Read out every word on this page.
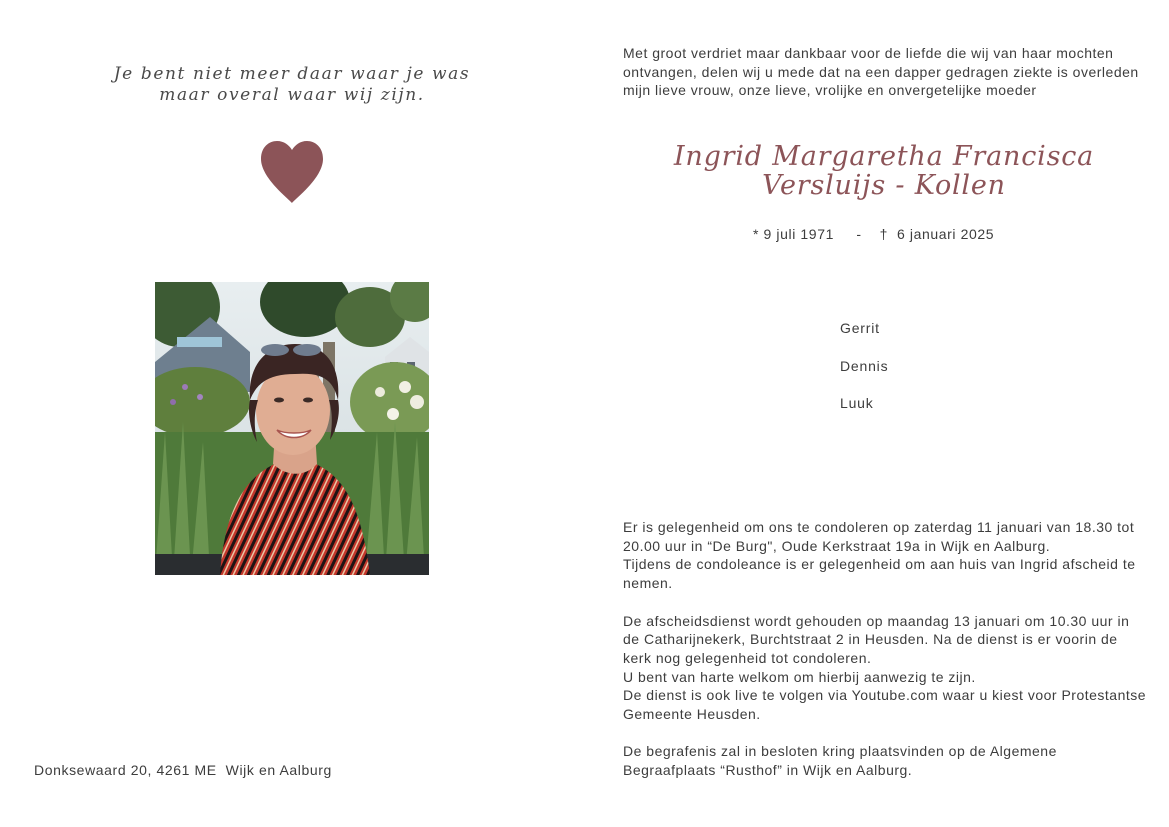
Je bent niet meer daar waar je was
maar overal waar wij zijn.
Donksewaard 20, 4261 ME  Wijk en Aalburg
Met groot verdriet maar dankbaar voor de liefde die wij van haar mochten ontvangen, delen wij u mede dat na een dapper gedragen ziekte is overleden mijn lieve vrouw, onze lieve, vrolijke en onvergetelijke moeder
Ingrid Margaretha Francisca
Versluijs - Kollen
* 9 juli 1971     -    †  6 januari 2025
Gerrit
Dennis
Luuk

Er is gelegenheid om ons te condoleren op zaterdag 11 januari van 18.30 tot 20.00 uur in “De Burg", Oude Kerkstraat 19a in Wijk en Aalburg.
Tijdens de condoleance is er gelegenheid om aan huis van Ingrid afscheid te nemen.

De afscheidsdienst wordt gehouden op maandag 13 januari om 10.30 uur in de Catharijnekerk, Burchtstraat 2 in Heusden. Na de dienst is er voorin de kerk nog gelegenheid tot condoleren.
U bent van harte welkom om hierbij aanwezig te zijn.
De dienst is ook live te volgen via Youtube.com waar u kiest voor Protestantse Gemeente Heusden.

De begrafenis zal in besloten kring plaatsvinden op de Algemene Begraafplaats “Rusthof” in Wijk en Aalburg.
